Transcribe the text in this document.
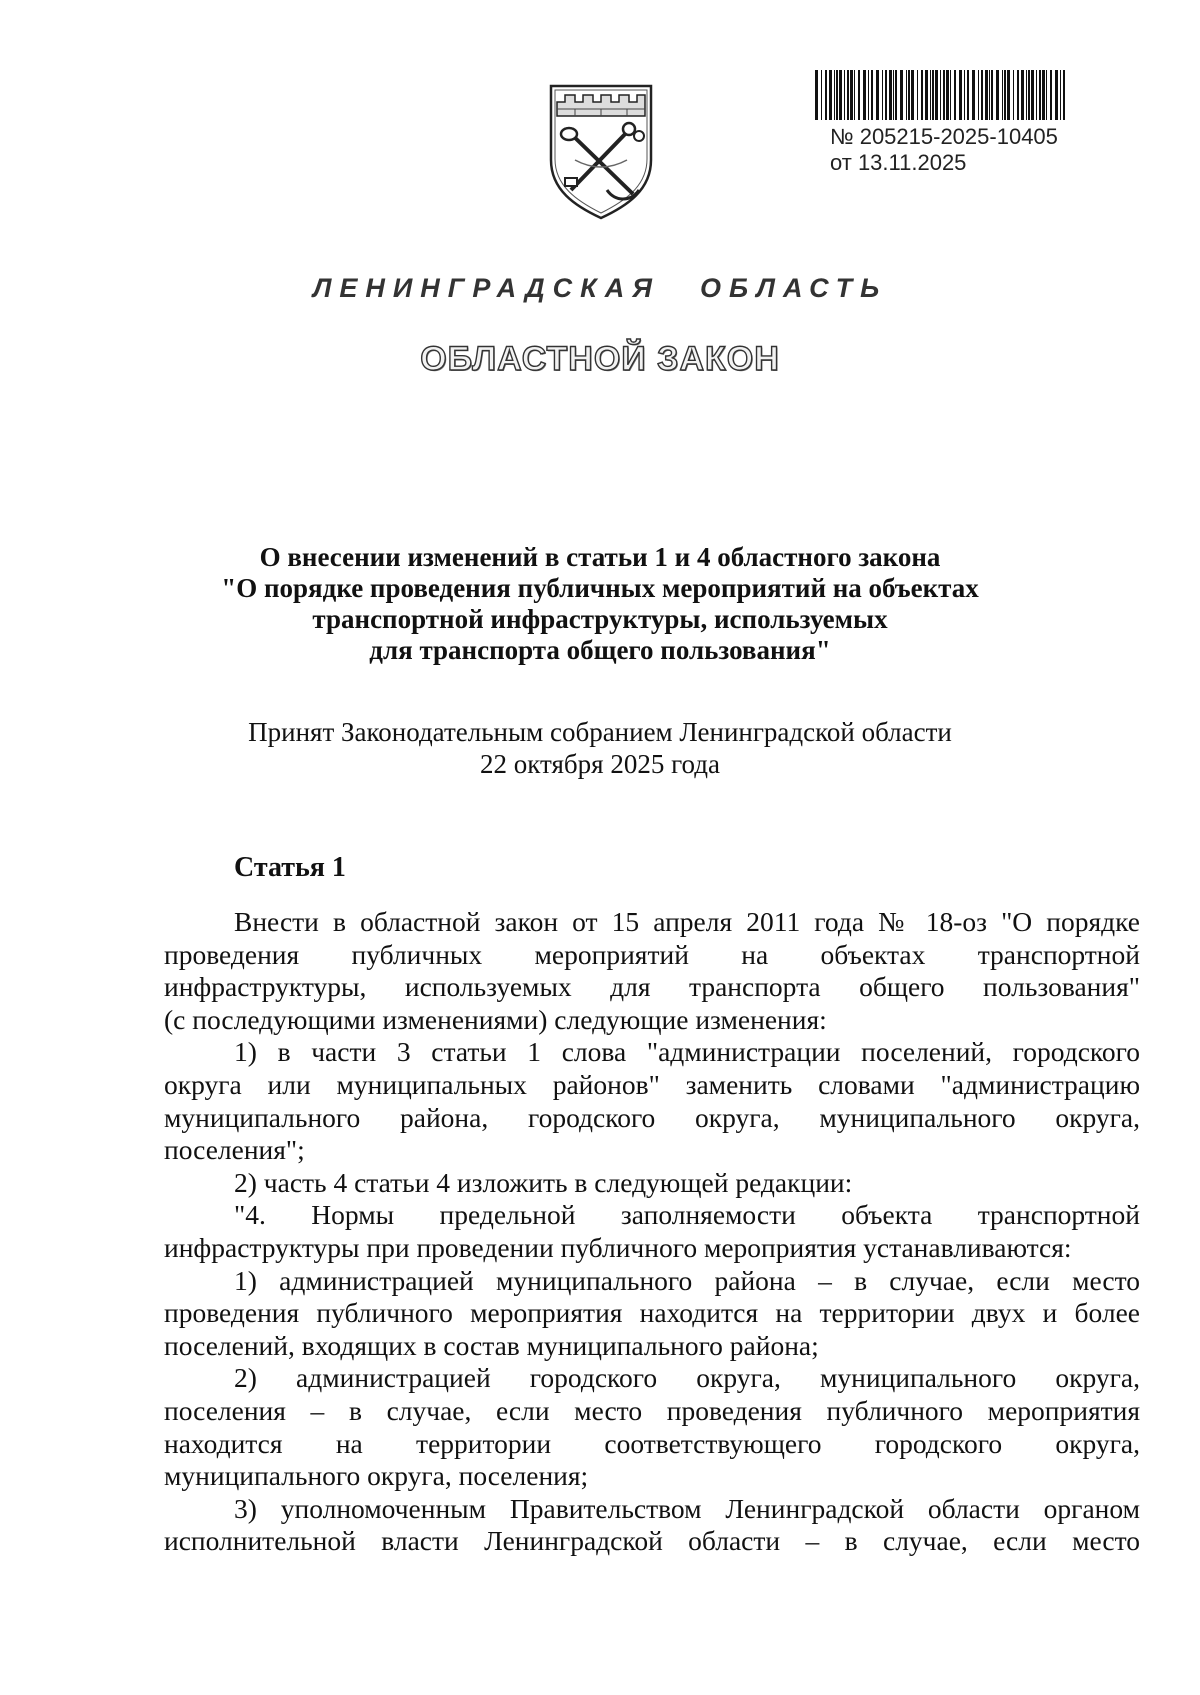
№ 205215-2025-10405
от 13.11.2025
ЛЕНИНГРАДСКАЯ ОБЛАСТЬ
ОБЛАСТНОЙ ЗАКОН
О внесении изменений в статьи 1 и 4 областного закона
"О порядке проведения публичных мероприятий на объектах
транспортной инфраструктуры, используемых
для транспорта общего пользования"
Принят Законодательным собранием Ленинградской области
22 октября 2025 года
Статья 1

Внести в областной закон от 15 апреля 2011 года № 18-оз "О порядке

проведения публичных мероприятий на объектах транспортной

инфраструктуры, используемых для транспорта общего пользования"

(с последующими изменениями) следующие изменения:

1) в части 3 статьи 1 слова "администрации поселений, городского

округа или муниципальных районов" заменить словами "администрацию

муниципального района, городского округа, муниципального округа,

поселения";

2) часть 4 статьи 4 изложить в следующей редакции:

"4. Нормы предельной заполняемости объекта транспортной

инфраструктуры при проведении публичного мероприятия устанавливаются:

1) администрацией муниципального района – в случае, если место

проведения публичного мероприятия находится на территории двух и более

поселений, входящих в состав муниципального района;

2) администрацией городского округа, муниципального округа,

поселения – в случае, если место проведения публичного мероприятия

находится на территории соответствующего городского округа,

муниципального округа, поселения;

3) уполномоченным Правительством Ленинградской области органом

исполнительной власти Ленинградской области – в случае, если место
